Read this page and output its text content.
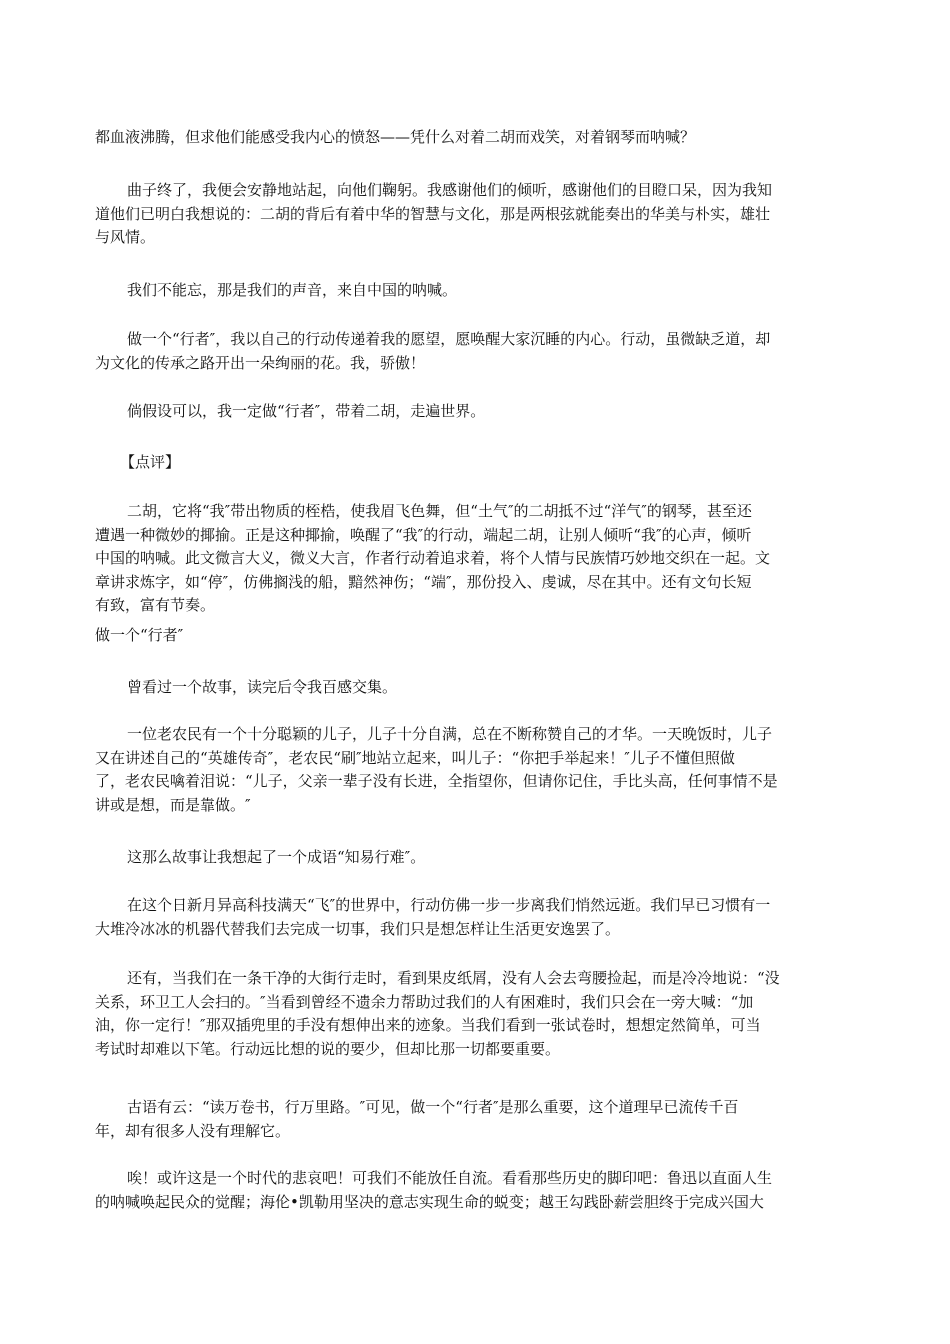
都血液沸腾，但求他们能感受我内心的愤怒——凭什么对着二胡而戏笑，对着钢琴而呐喊？
曲子终了，我便会安静地站起，向他们鞠躬。我感谢他们的倾听，感谢他们的目瞪口呆，因为我知
道他们已明白我想说的：二胡的背后有着中华的智慧与文化，那是两根弦就能奏出的华美与朴实，雄壮
与风情。
我们不能忘，那是我们的声音，来自中国的呐喊。
做一个“行者″，我以自己的行动传递着我的愿望，愿唤醒大家沉睡的内心。行动，虽微缺乏道，却
为文化的传承之路开出一朵绚丽的花。我，骄傲！
倘假设可以，我一定做“行者″，带着二胡，走遍世界。
【点评】
二胡，它将“我″带出物质的桎梏，使我眉飞色舞，但“土气″的二胡抵不过“洋气″的钢琴，甚至还
遭遇一种微妙的揶揄。正是这种揶揄，唤醒了“我″的行动，端起二胡，让别人倾听“我″的心声，倾听
中国的呐喊。此文微言大义，微义大言，作者行动着追求着，将个人情与民族情巧妙地交织在一起。文
章讲求炼字，如“停″，仿佛搁浅的船，黯然神伤；“端″，那份投入、虔诚，尽在其中。还有文句长短
有致，富有节奏。
做一个“行者″
曾看过一个故事，读完后令我百感交集。
一位老农民有一个十分聪颖的儿子，儿子十分自满，总在不断称赞自己的才华。一天晚饭时，儿子
又在讲述自己的“英雄传奇″，老农民“刷″地站立起来，叫儿子：“你把手举起来！″儿子不懂但照做
了，老农民噙着泪说：“儿子，父亲一辈子没有长进，全指望你，但请你记住，手比头高，任何事情不是
讲或是想，而是靠做。″
这那么故事让我想起了一个成语“知易行难″。
在这个日新月异高科技满天“飞″的世界中，行动仿佛一步一步离我们悄然远逝。我们早已习惯有一
大堆冷冰冰的机器代替我们去完成一切事，我们只是想怎样让生活更安逸罢了。
还有，当我们在一条干净的大街行走时，看到果皮纸屑，没有人会去弯腰捡起，而是冷冷地说：“没
关系，环卫工人会扫的。″当看到曾经不遗余力帮助过我们的人有困难时，我们只会在一旁大喊：“加
油，你一定行！″那双插兜里的手没有想伸出来的迹象。当我们看到一张试卷时，想想定然简单，可当
考试时却难以下笔。行动远比想的说的要少，但却比那一切都要重要。
古语有云：“读万卷书，行万里路。″可见，做一个“行者″是那么重要，这个道理早已流传千百
年，却有很多人没有理解它。
唉！或许这是一个时代的悲哀吧！可我们不能放任自流。看看那些历史的脚印吧：鲁迅以直面人生
的呐喊唤起民众的觉醒；海伦•凯勒用坚决的意志实现生命的蜕变；越王勾践卧薪尝胆终于完成兴国大
